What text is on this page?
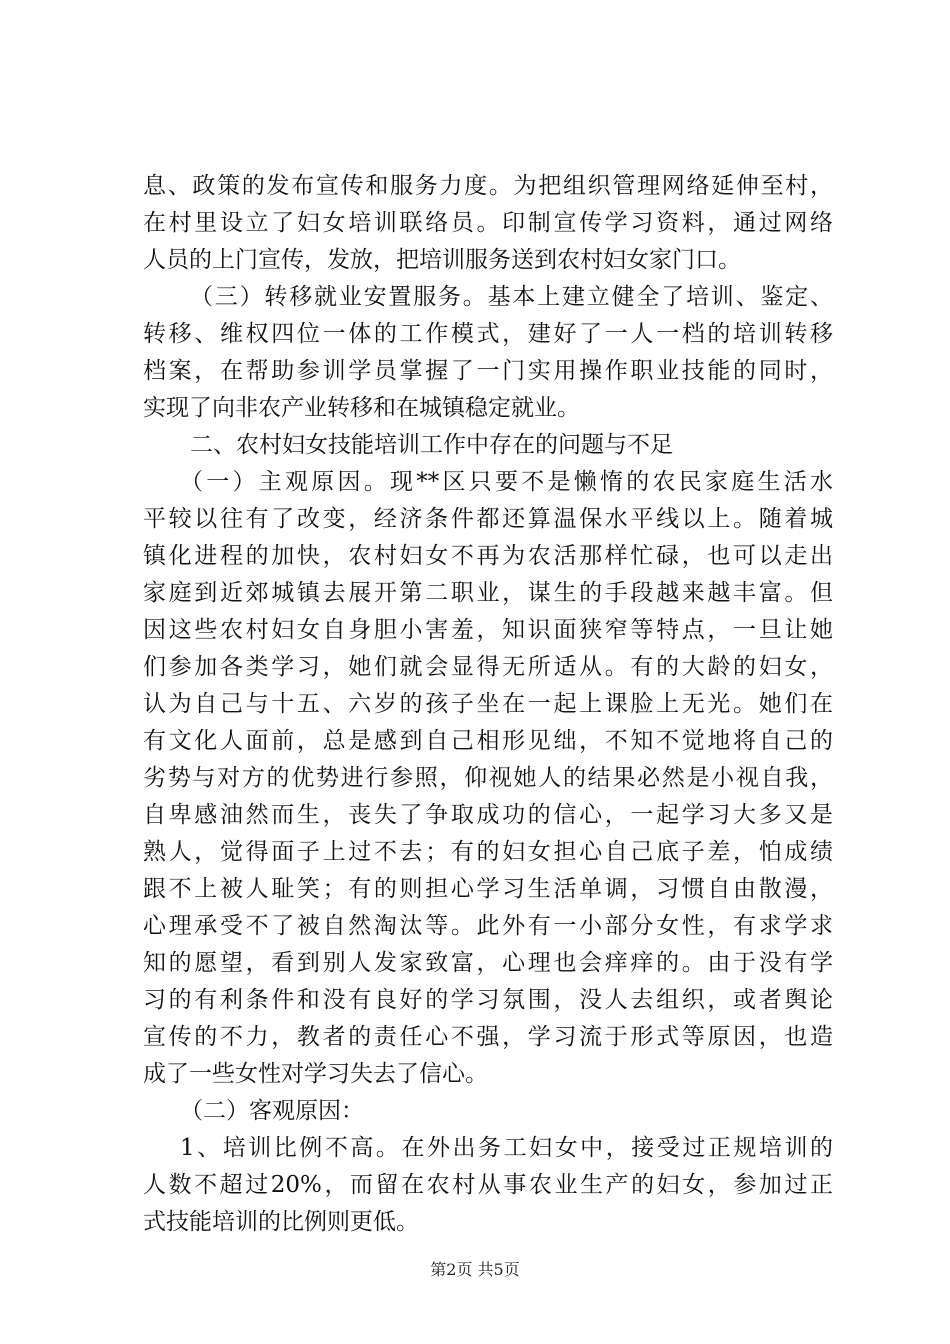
息、政策的发布宣传和服务力度。为把组织管理网络延伸至村，
在村里设立了妇女培训联络员。印制宣传学习资料，通过网络
人员的上门宣传，发放，把培训服务送到农村妇女家门口。
（三）转移就业安置服务。基本上建立健全了培训、鉴定、
转移、维权四位一体的工作模式，建好了一人一档的培训转移
档案，在帮助参训学员掌握了一门实用操作职业技能的同时，
实现了向非农产业转移和在城镇稳定就业。
二、农村妇女技能培训工作中存在的问题与不足
（一）主观原因。现**区只要不是懒惰的农民家庭生活水
平较以往有了改变，经济条件都还算温保水平线以上。随着城
镇化进程的加快，农村妇女不再为农活那样忙碌，也可以走出
家庭到近郊城镇去展开第二职业，谋生的手段越来越丰富。但
因这些农村妇女自身胆小害羞，知识面狭窄等特点，一旦让她
们参加各类学习，她们就会显得无所适从。有的大龄的妇女，
认为自己与十五、六岁的孩子坐在一起上课脸上无光。她们在
有文化人面前，总是感到自己相形见绌，不知不觉地将自己的
劣势与对方的优势进行参照，仰视她人的结果必然是小视自我，
自卑感油然而生，丧失了争取成功的信心，一起学习大多又是
熟人，觉得面子上过不去；有的妇女担心自己底子差，怕成绩
跟不上被人耻笑；有的则担心学习生活单调，习惯自由散漫，
心理承受不了被自然淘汰等。此外有一小部分女性，有求学求
知的愿望，看到别人发家致富，心理也会痒痒的。由于没有学
习的有利条件和没有良好的学习氛围，没人去组织，或者舆论
宣传的不力，教者的责任心不强，学习流于形式等原因，也造
成了一些女性对学习失去了信心。
（二）客观原因：
1、培训比例不高。在外出务工妇女中，接受过正规培训的
人数不超过20%，而留在农村从事农业生产的妇女，参加过正
式技能培训的比例则更低。
第2页 共5页
